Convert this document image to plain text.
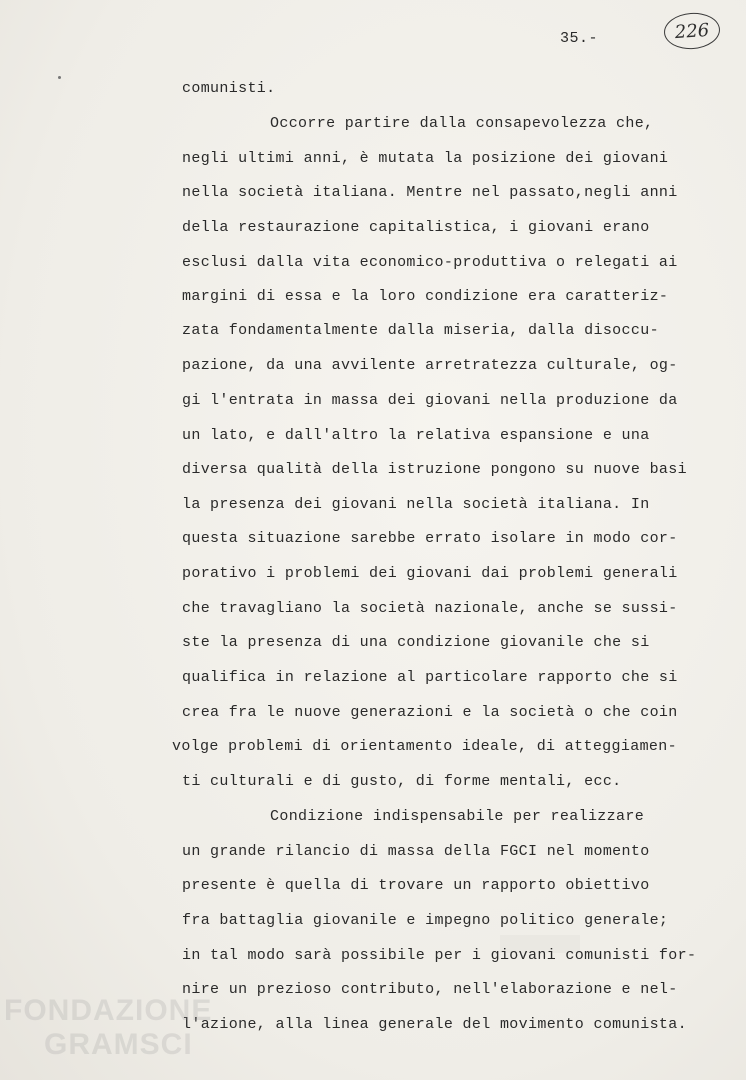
35.-	226
comunisti.
Occorre partire dalla consapevolezza che,
negli ultimi anni, è mutata la posizione dei giovani
nella società italiana. Mentre nel passato,negli anni
della restaurazione capitalistica, i giovani erano
esclusi dalla vita economico-produttiva o relegati ai
margini di essa e la loro condizione era caratteriz-
zata fondamentalmente dalla miseria, dalla disoccu-
pazione, da una avvilente arretratezza culturale, og-
gi l'entrata in massa dei giovani nella produzione da
un lato, e dall'altro la relativa espansione e una
diversa qualità della istruzione pongono su nuove basi
la presenza dei giovani nella società italiana. In
questa situazione sarebbe errato isolare in modo cor-
porativo i problemi dei giovani dai problemi generali
che travagliano la società nazionale, anche se sussi-
ste la presenza di una condizione giovanile che si
qualifica in relazione al particolare rapporto che si
crea fra le nuove generazioni e la società o che coin
volge problemi di orientamento ideale, di atteggiamen-
ti culturali e di gusto, di forme mentali, ecc.
Condizione indispensabile per realizzare
un grande rilancio di massa della FGCI nel momento
presente è quella di trovare un rapporto obiettivo
fra battaglia giovanile e impegno politico generale;
in tal modo sarà possibile per i giovani comunisti for-
nire un prezioso contributo, nell'elaborazione e nel-
l'azione, alla linea generale del movimento comunista.
FONDAZIONE
GRAMSCI
